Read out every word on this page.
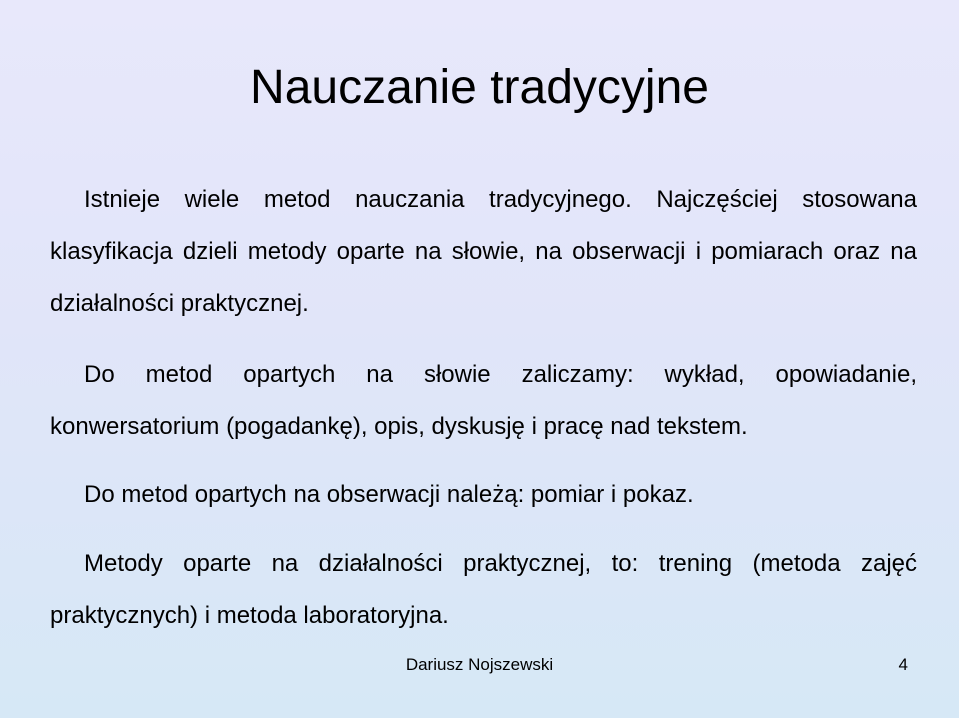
Nauczanie tradycyjne

Istnieje wiele metod nauczania tradycyjnego. Najczęściej stosowana klasyfikacja dzieli metody oparte na słowie, na obserwacji i pomiarach oraz na działalności praktycznej.

Do metod opartych na słowie zaliczamy: wykład, opowiadanie, konwersatorium (pogadankę), opis, dyskusję i pracę nad tekstem.

Do metod opartych na obserwacji należą: pomiar i pokaz.

Metody oparte na działalności praktycznej, to: trening (metoda zajęć praktycznych) i metoda laboratoryjna.

Dariusz Nojszewski	4
